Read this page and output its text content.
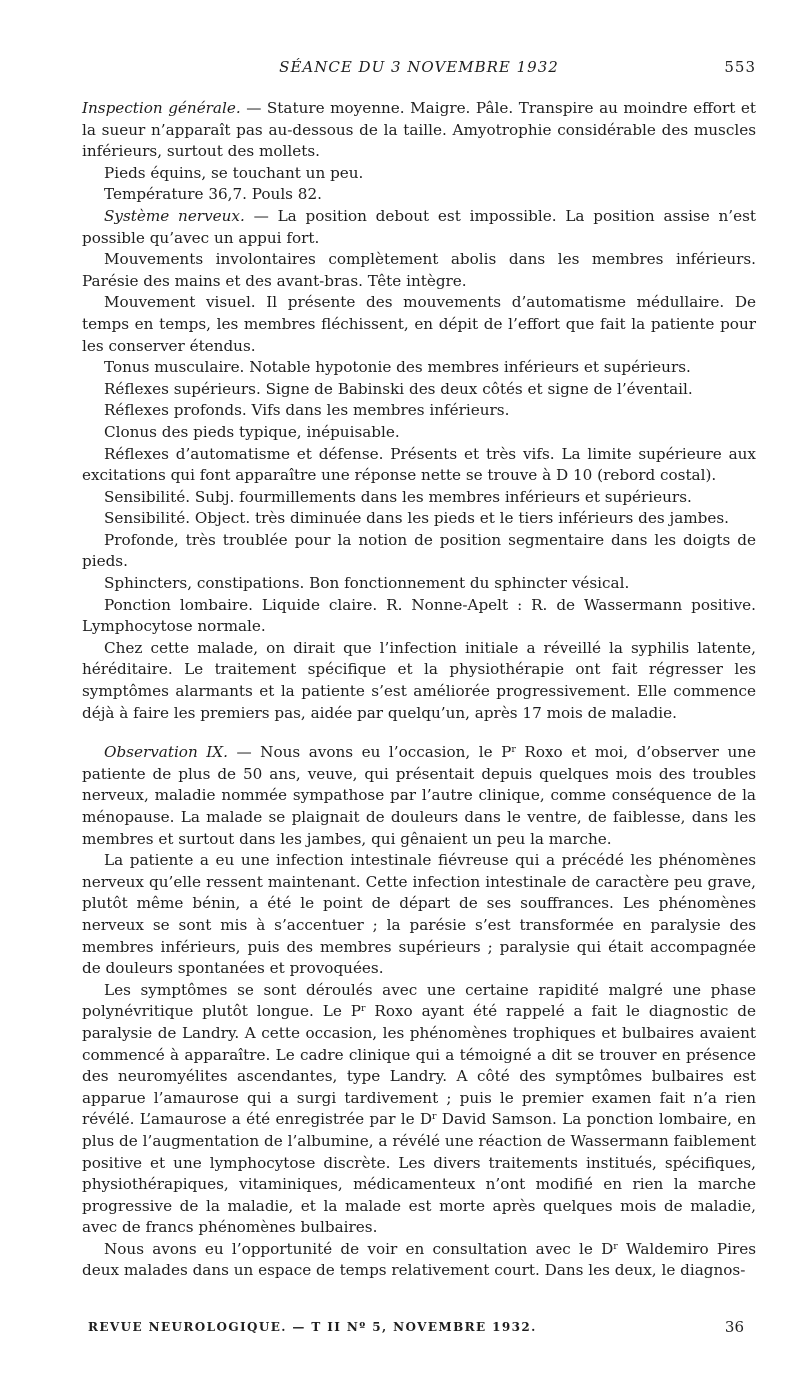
SÉANCE DU 3 NOVEMBRE 1932	553

Inspection générale. — Stature moyenne. Maigre. Pâle. Transpire au moindre effort et la sueur n’apparaît pas au-dessous de la taille. Amyotrophie considérable des muscles inférieurs, surtout des mollets.

Pieds équins, se touchant un peu.

Température 36,7. Pouls 82.

Système nerveux. — La position debout est impossible. La position assise n’est possible qu’avec un appui fort.

Mouvements involontaires complètement abolis dans les membres inférieurs. Parésie des mains et des avant-bras. Tête intègre.

Mouvement visuel. Il présente des mouvements d’automatisme médullaire. De temps en temps, les membres fléchissent, en dépit de l’effort que fait la patiente pour les conserver étendus.

Tonus musculaire. Notable hypotonie des membres inférieurs et supérieurs.

Réflexes supérieurs. Signe de Babinski des deux côtés et signe de l’éventail.

Réflexes profonds. Vifs dans les membres inférieurs.

Clonus des pieds typique, inépuisable.

Réflexes d’automatisme et défense. Présents et très vifs. La limite supérieure aux excitations qui font apparaître une réponse nette se trouve à D 10 (rebord costal).

Sensibilité. Subj. fourmillements dans les membres inférieurs et supérieurs.

Sensibilité. Object. très diminuée dans les pieds et le tiers inférieurs des jambes.

Profonde, très troublée pour la notion de position segmentaire dans les doigts de pieds.

Sphincters, constipations. Bon fonctionnement du sphincter vésical.

Ponction lombaire. Liquide claire. R. Nonne-Apelt : R. de Wassermann positive. Lymphocytose normale.

Chez cette malade, on dirait que l’infection initiale a réveillé la syphilis latente, héréditaire. Le traitement spécifique et la physiothérapie ont fait régresser les symptômes alarmants et la patiente s’est améliorée progressivement. Elle commence déjà à faire les premiers pas, aidée par quelqu’un, après 17 mois de maladie.

Observation IX. — Nous avons eu l’occasion, le $P^r$ Roxo et moi, d’observer une patiente de plus de 50 ans, veuve, qui présentait depuis quelques mois des troubles nerveux, maladie nommée sympathose par l’autre clinique, comme conséquence de la ménopause. La malade se plaignait de douleurs dans le ventre, de faiblesse, dans les membres et surtout dans les jambes, qui gênaient un peu la marche.

La patiente a eu une infection intestinale fiévreuse qui a précédé les phénomènes nerveux qu’elle ressent maintenant. Cette infection intestinale de caractère peu grave, plutôt même bénin, a été le point de départ de ses souffrances. Les phénomènes nerveux se sont mis à s’accentuer ; la parésie s’est transformée en paralysie des membres inférieurs, puis des membres supérieurs ; paralysie qui était accompagnée de douleurs spontanées et provoquées.

Les symptômes se sont déroulés avec une certaine rapidité malgré une phase polynévritique plutôt longue. Le $P^r$ Roxo ayant été rappelé a fait le diagnostic de paralysie de Landry. A cette occasion, les phénomènes trophiques et bulbaires avaient commencé à apparaître. Le cadre clinique qui a témoigné a dit se trouver en présence des neuromyélites ascendantes, type Landry. A côté des symptômes bulbaires est apparue l’amaurose qui a surgi tardivement ; puis le premier examen fait n’a rien révélé. L’amaurose a été enregistrée par le $D^r$ David Samson. La ponction lombaire, en plus de l’augmentation de l’albumine, a révélé une réaction de Wassermann faiblement positive et une lymphocytose discrète. Les divers traitements institués, spécifiques, physiothérapiques, vitaminiques, médicamenteux n’ont modifié en rien la marche progressive de la maladie, et la malade est morte après quelques mois de maladie, avec de francs phénomènes bulbaires.

Nous avons eu l’opportunité de voir en consultation avec le $D^r$ Waldemiro Pires deux malades dans un espace de temps relativement court. Dans les deux, le diagnos-

REVUE NEUROLOGIQUE. — T II Nº 5, NOVEMBRE 1932.	36
